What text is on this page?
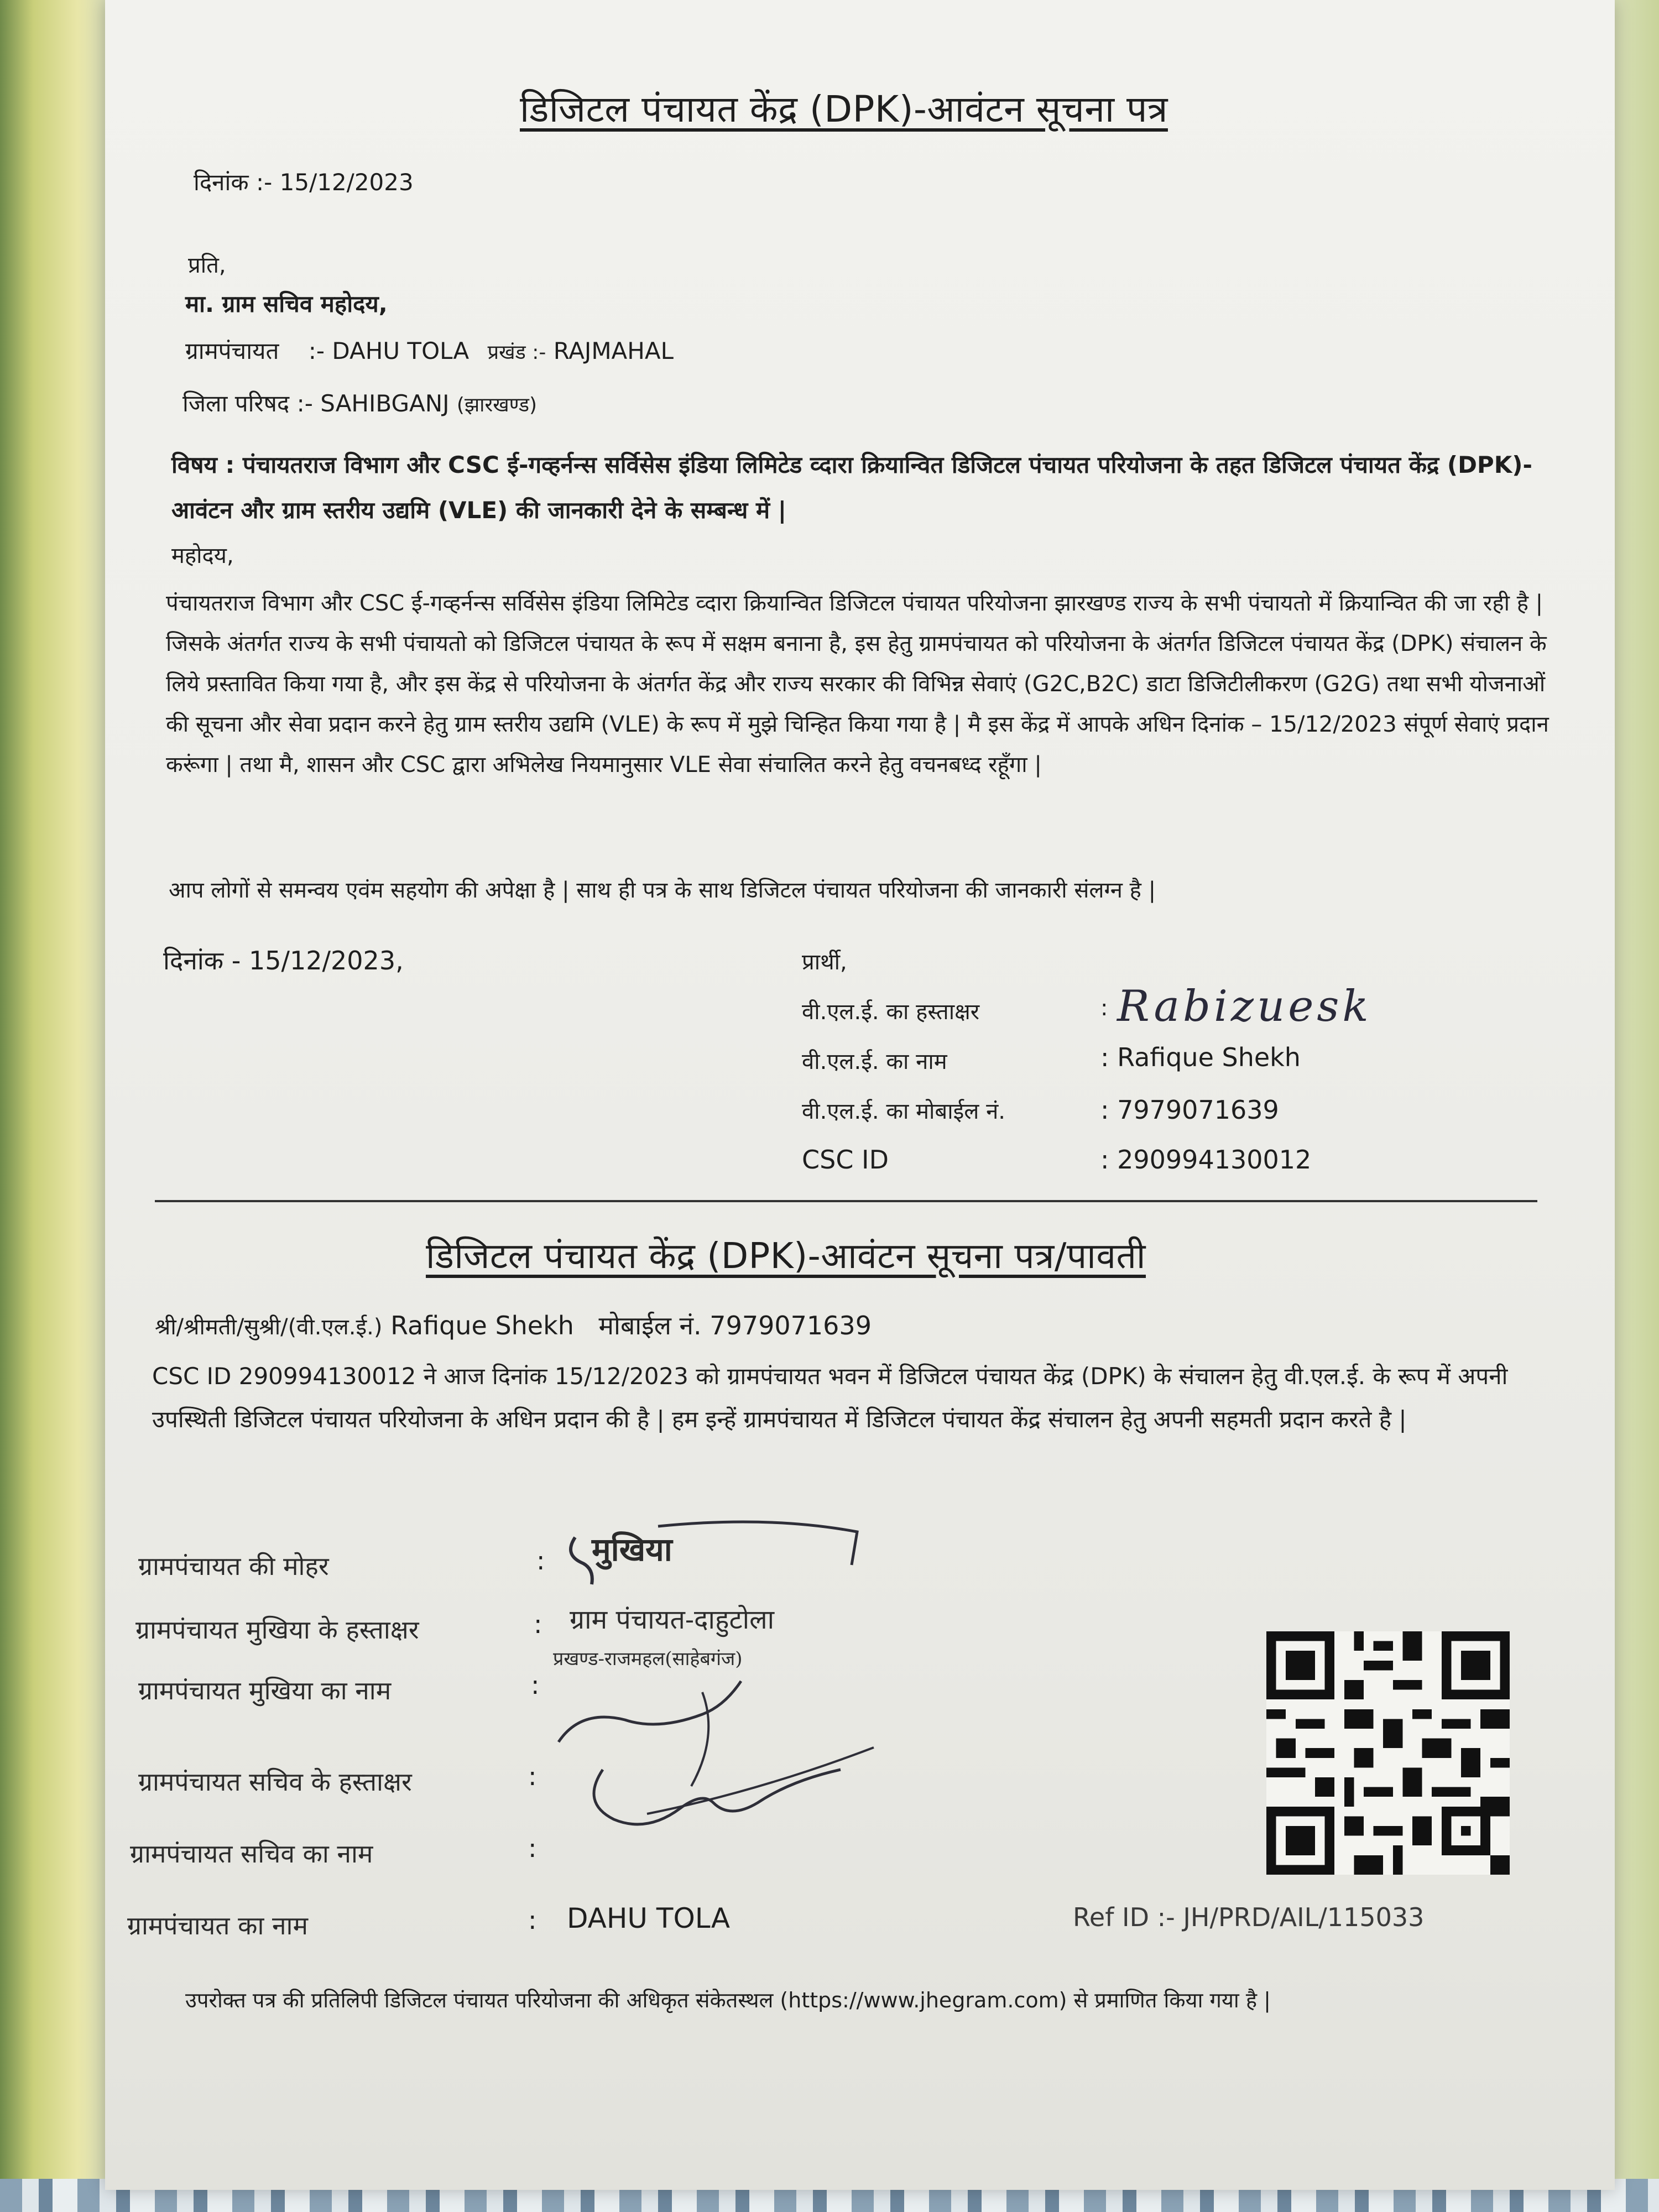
डिजिटल पंचायत केंद्र (DPK)-आवंटन सूचना पत्र
दिनांक :- 15/12/2023
प्रति,
मा. ग्राम सचिव महोदय,
ग्रामपंचायत :- DAHU TOLA प्रखंड :- RAJMAHAL
जिला परिषद :- SAHIBGANJ (झारखण्ड)
विषय : पंचायतराज विभाग और CSC ई-गव्हर्नन्स सर्विसेस इंडिया लिमिटेड व्दारा क्रियान्वित डिजिटल पंचायत परियोजना के तहत डिजिटल पंचायत केंद्र (DPK)-आवंटन और ग्राम स्तरीय उद्यमि (VLE) की जानकारी देने के सम्बन्ध में |
महोदय,
पंचायतराज विभाग और CSC ई-गव्हर्नन्स सर्विसेस इंडिया लिमिटेड व्दारा क्रियान्वित डिजिटल पंचायत परियोजना झारखण्ड राज्य के सभी पंचायतो में क्रियान्वित की जा रही है | जिसके अंतर्गत राज्य के सभी पंचायतो को डिजिटल पंचायत के रूप में सक्षम बनाना है, इस हेतु ग्रामपंचायत को परियोजना के अंतर्गत डिजिटल पंचायत केंद्र (DPK) संचालन के लिये प्रस्तावित किया गया है, और इस केंद्र से परियोजना के अंतर्गत केंद्र और राज्य सरकार की विभिन्न सेवाएं (G2C,B2C) डाटा डिजिटीलीकरण (G2G) तथा सभी योजनाओं की सूचना और सेवा प्रदान करने हेतु ग्राम स्तरीय उद्यमि (VLE) के रूप में मुझे चिन्हित किया गया है | मै इस केंद्र में आपके अधिन दिनांक – 15/12/2023 संपूर्ण सेवाएं प्रदान करूंगा | तथा मै, शासन और CSC द्वारा अभिलेख नियमानुसार VLE सेवा संचालित करने हेतु वचनबध्द रहूँगा |
आप लोगों से समन्वय एवंम सहयोग की अपेक्षा है | साथ ही पत्र के साथ डिजिटल पंचायत परियोजना की जानकारी संलग्न है |
दिनांक - 15/12/2023,	प्रार्थी,
वी.एल.ई. का हस्ताक्षर	: Rabizuesk
वी.एल.ई. का नाम	: Rafique Shekh
वी.एल.ई. का मोबाईल नं.	: 7979071639
CSC ID	: 290994130012
डिजिटल पंचायत केंद्र (DPK)-आवंटन सूचना पत्र/पावती
श्री/श्रीमती/सुश्री/(वी.एल.ई.) Rafique Shekh मोबाईल नं. 7979071639
CSC ID 290994130012 ने आज दिनांक 15/12/2023 को ग्रामपंचायत भवन में डिजिटल पंचायत केंद्र (DPK) के संचालन हेतु वी.एल.ई. के रूप में अपनी उपस्थिती डिजिटल पंचायत परियोजना के अधिन प्रदान की है | हम इन्हें ग्रामपंचायत में डिजिटल पंचायत केंद्र संचालन हेतु अपनी सहमती प्रदान करते है |
ग्रामपंचायत की मोहर	:
ग्रामपंचायत मुखिया के हस्ताक्षर	:
ग्रामपंचायत मुखिया का नाम	:
ग्रामपंचायत सचिव के हस्ताक्षर	:
ग्रामपंचायत सचिव का नाम	:
ग्रामपंचायत का नाम	: DAHU TOLA
मुखिया
ग्राम पंचायत-दाहुटोला
प्रखण्ड-राजमहल(साहेबगंज)
Ref ID :- JH/PRD/AIL/115033
उपरोक्त पत्र की प्रतिलिपी डिजिटल पंचायत परियोजना की अधिकृत संकेतस्थल (https://www.jhegram.com) से प्रमाणित किया गया है |
